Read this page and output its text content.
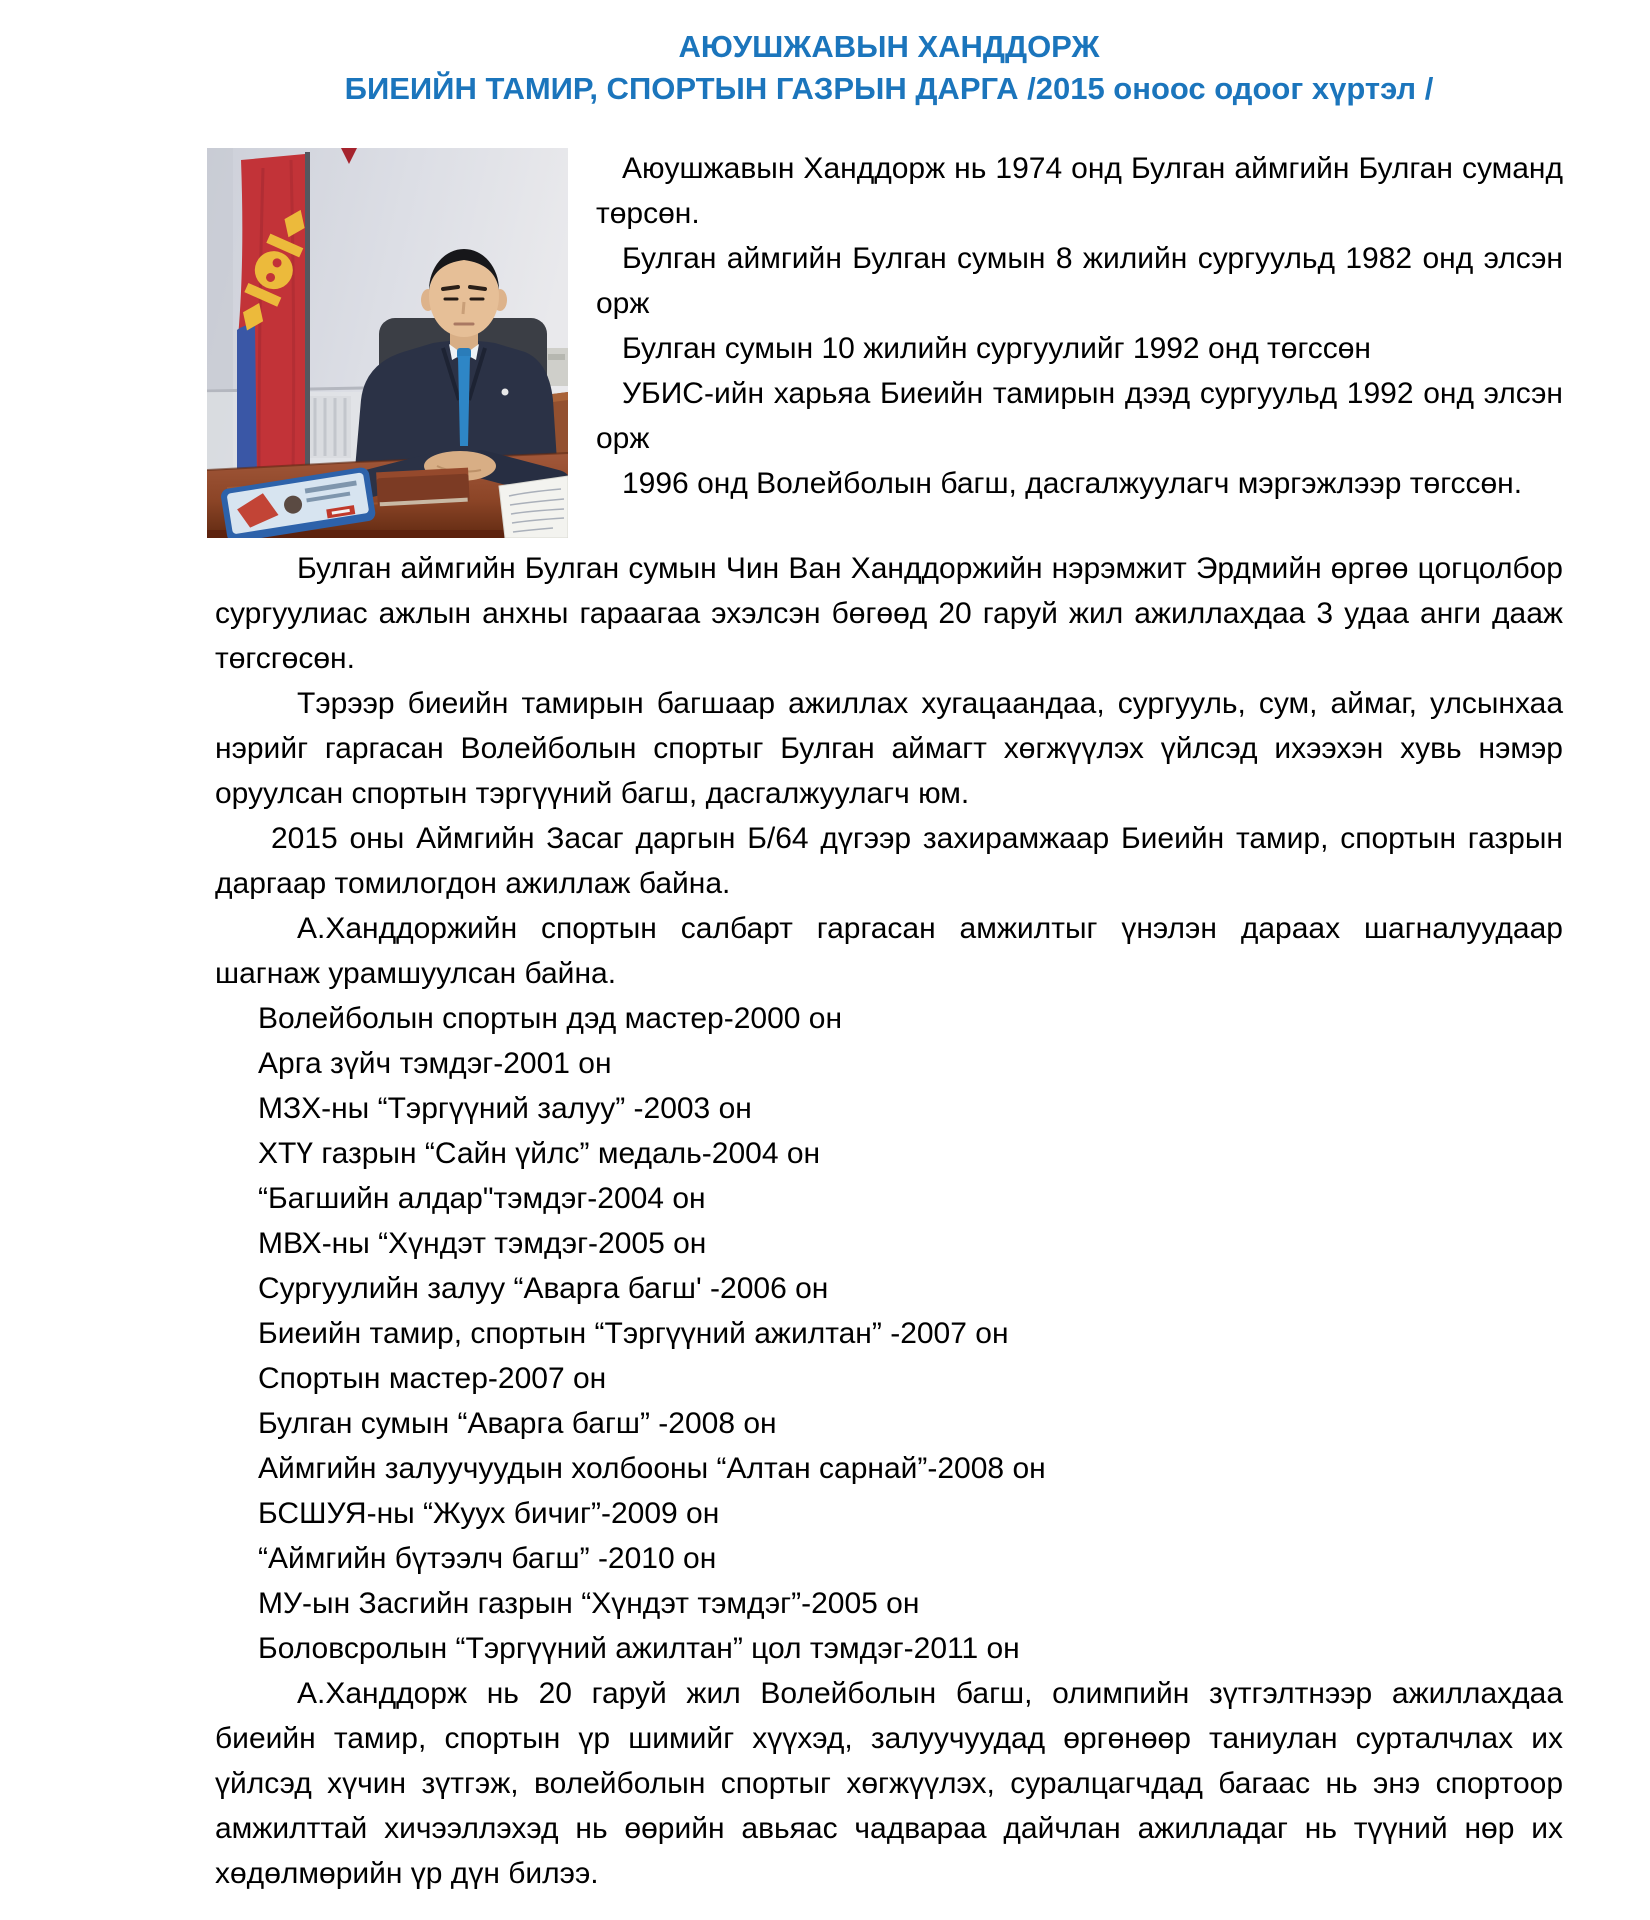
АЮУШЖАВЫН ХАНДДОРЖ
БИЕИЙН ТАМИР, СПОРТЫН ГАЗРЫН ДАРГА /2015 оноос одоог хүртэл /

Аюушжавын Ханддорж нь 1974 онд Булган аймгийн Булган суманд төрсөн.

Булган аймгийн Булган сумын 8 жилийн сургуульд 1982 онд элсэн орж

Булган сумын 10 жилийн сургуулийг 1992 онд төгссөн

УБИС-ийн харьяа Биеийн тамирын дээд сургуульд 1992 онд элсэн орж

1996 онд Волейболын багш, дасгалжуулагч мэргэжлээр төгссөн.

Булган аймгийн Булган сумын Чин Ван Ханддоржийн нэрэмжит Эрдмийн өргөө цогцолбор сургуулиас ажлын анхны гараагаа эхэлсэн бөгөөд 20 гаруй жил ажиллахдаа 3 удаа анги дааж төгсгөсөн.

Тэрээр биеийн тамирын багшаар ажиллах хугацаандаа, сургууль, сум, аймаг, улсынхаа нэрийг гаргасан Волейболын спортыг Булган аймагт хөгжүүлэх үйлсэд ихээхэн хувь нэмэр оруулсан спортын тэргүүний багш, дасгалжуулагч юм.

2015 оны Аймгийн Засаг даргын Б/64 дүгээр захирамжаар Биеийн тамир, спортын газрын даргаар томилогдон ажиллаж байна.

А.Ханддоржийн спортын салбарт гаргасан амжилтыг үнэлэн дараах шагналуудаар шагнаж урамшуулсан байна.

Волейболын спортын дэд мастер-2000 он

Арга зүйч тэмдэг-2001 он

МЗХ-ны “Тэргүүний залуу” -2003 он

ХТҮ газрын “Сайн үйлс” медаль-2004 он

“Багшийн алдар"тэмдэг-2004 он

МВХ-ны “Хүндэт тэмдэг-2005 он

Сургуулийн залуу “Аварга багш' -2006 он

Биеийн тамир, спортын “Тэргүүний ажилтан” -2007 он

Спортын мастер-2007 он

Булган сумын “Аварга багш” -2008 он

Аймгийн залуучуудын холбооны “Алтан сарнай”-2008 он

БСШУЯ-ны “Жуух бичиг”-2009 он

“Аймгийн бүтээлч багш” -2010 он

МУ-ын Засгийн газрын “Хүндэт тэмдэг”-2005 он

Боловсролын “Тэргүүний ажилтан” цол тэмдэг-2011 он

А.Ханддорж нь 20 гаруй жил Волейболын багш, олимпийн зүтгэлтнээр ажиллахдаа биеийн тамир, спортын үр шимийг хүүхэд, залуучуудад өргөнөөр таниулан сурталчлах их үйлсэд хүчин зүтгэж, волейболын спортыг хөгжүүлэх, суралцагчдад багаас нь энэ спортоор амжилттай хичээллэхэд нь өөрийн авьяас чадвараа дайчлан ажилладаг нь түүний нөр их хөдөлмөрийн үр дүн билээ.
